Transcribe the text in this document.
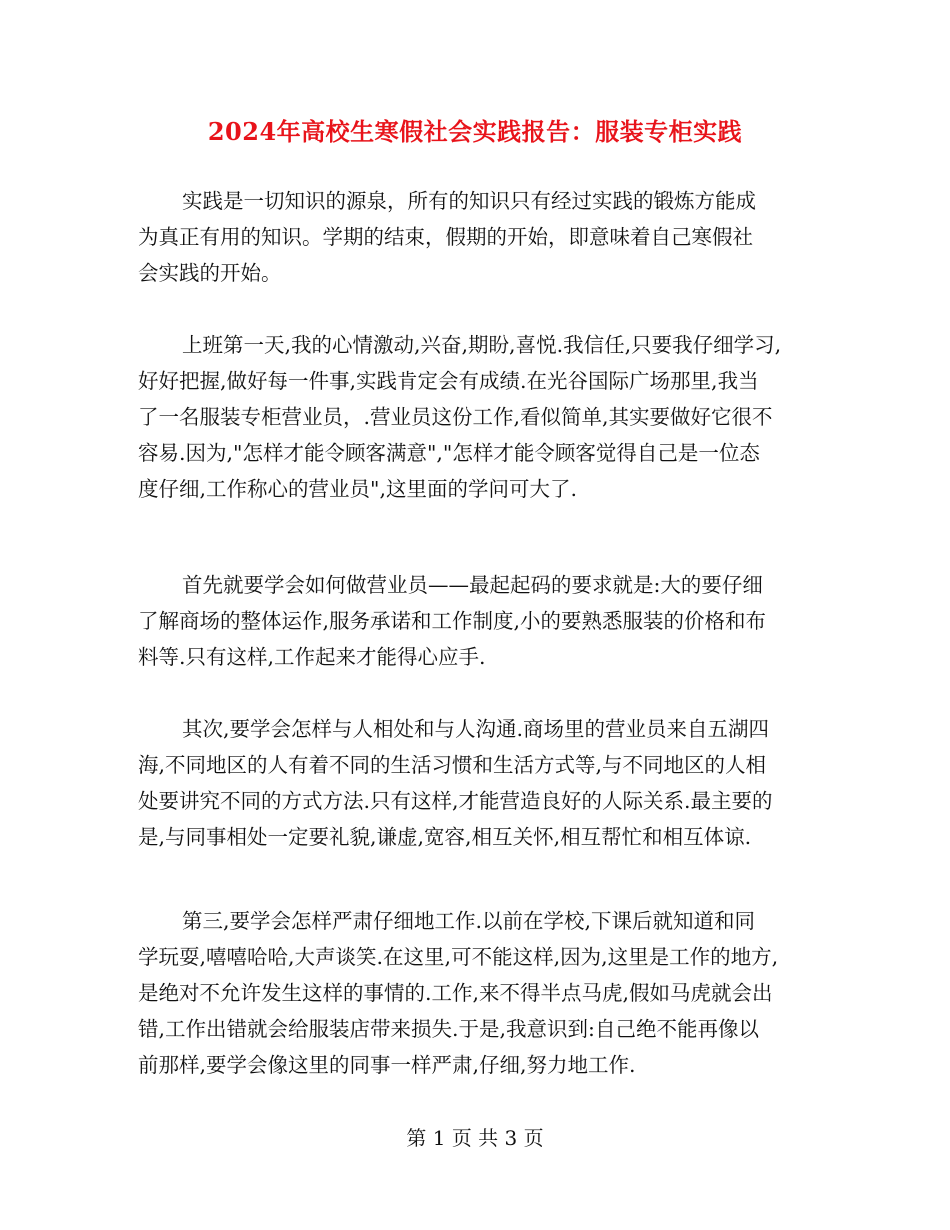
2024年高校生寒假社会实践报告：服装专柜实践
实践是一切知识的源泉，所有的知识只有经过实践的锻炼方能成
为真正有用的知识。学期的结束，假期的开始，即意味着自己寒假社
会实践的开始。
上班第一天,我的心情激动,兴奋,期盼,喜悦.我信任,只要我仔细学习,
好好把握,做好每一件事,实践肯定会有成绩.在光谷国际广场那里,我当
了一名服装专柜营业员，.营业员这份工作,看似简单,其实要做好它很不
容易.因为,"怎样才能令顾客满意","怎样才能令顾客觉得自己是一位态
度仔细,工作称心的营业员",这里面的学问可大了.
首先就要学会如何做营业员——最起起码的要求就是:大的要仔细
了解商场的整体运作,服务承诺和工作制度,小的要熟悉服装的价格和布
料等.只有这样,工作起来才能得心应手.
其次,要学会怎样与人相处和与人沟通.商场里的营业员来自五湖四
海,不同地区的人有着不同的生活习惯和生活方式等,与不同地区的人相
处要讲究不同的方式方法.只有这样,才能营造良好的人际关系.最主要的
是,与同事相处一定要礼貌,谦虚,宽容,相互关怀,相互帮忙和相互体谅.
第三,要学会怎样严肃仔细地工作.以前在学校,下课后就知道和同
学玩耍,嘻嘻哈哈,大声谈笑.在这里,可不能这样,因为,这里是工作的地方,
是绝对不允许发生这样的事情的.工作,来不得半点马虎,假如马虎就会出
错,工作出错就会给服装店带来损失.于是,我意识到:自己绝不能再像以
前那样,要学会像这里的同事一样严肃,仔细,努力地工作.
第 1 页 共 3 页
